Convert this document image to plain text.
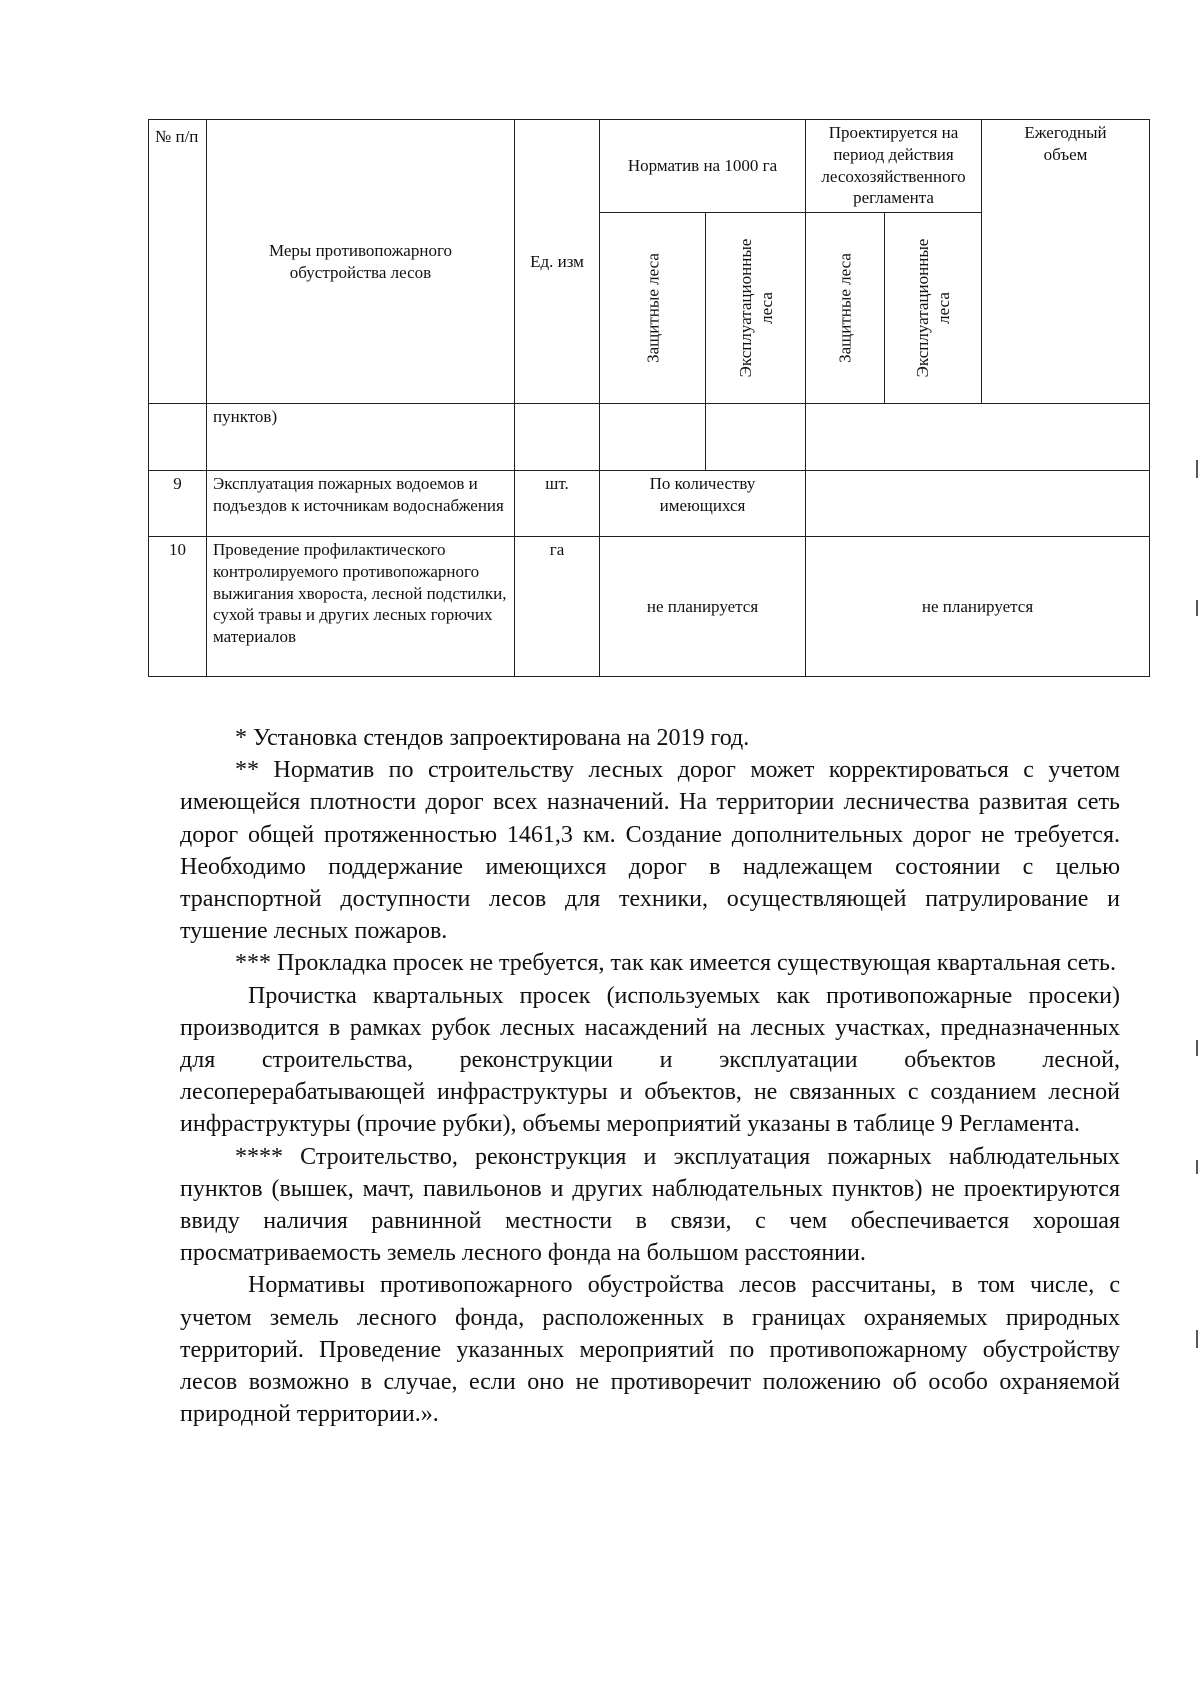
№ п/п	Меры противопожарного обустройства лесов	Ед. изм	Норматив на 1000 га		Проектируется на период действия лесохозяйственного регламента		Ежегодный объем

			Защитные леса	Эксплуатационные леса	Защитные леса	Эксплуатационные леса	

	пунктов)						
9	Эксплуатация пожарных водоемов и подъездов к источникам водоснабжения	шт.	По количеству имеющихся				
10	Проведение профилактического контролируемого противопожарного выжигания хвороста, лесной подстилки, сухой травы и других лесных горючих материалов	га	не планируется		не планируется		

* Установка стендов запроектирована на 2019 год.

** Норматив по строительству лесных дорог может корректироваться с учетом имеющейся плотности дорог всех назначений. На территории лесничества развитая сеть дорог общей протяженностью 1461,3 км. Создание дополнительных дорог не требуется. Необходимо поддержание имеющихся дорог в надлежащем состоянии с целью транспортной доступности лесов для техники, осуществляющей патрулирование и тушение лесных пожаров.

*** Прокладка просек не требуется, так как имеется существующая квартальная сеть.

Прочистка квартальных просек (используемых как противопожарные просеки) производится в рамках рубок лесных насаждений на лесных участках, предназначенных для строительства, реконструкции и эксплуатации объектов лесной, лесоперерабатывающей инфраструктуры и объектов, не связанных с созданием лесной инфраструктуры (прочие рубки), объемы мероприятий указаны в таблице 9 Регламента.

**** Строительство, реконструкция и эксплуатация пожарных наблюдательных пунктов (вышек, мачт, павильонов и других наблюдательных пунктов) не проектируются ввиду наличия равнинной местности в связи, с чем обеспечивается хорошая просматриваемость земель лесного фонда на большом расстоянии.

Нормативы противопожарного обустройства лесов рассчитаны, в том числе, с учетом земель лесного фонда, расположенных в границах охраняемых природных территорий. Проведение указанных мероприятий по противопожарному обустройству лесов возможно в случае, если оно не противоречит положению об особо охраняемой природной территории.».
